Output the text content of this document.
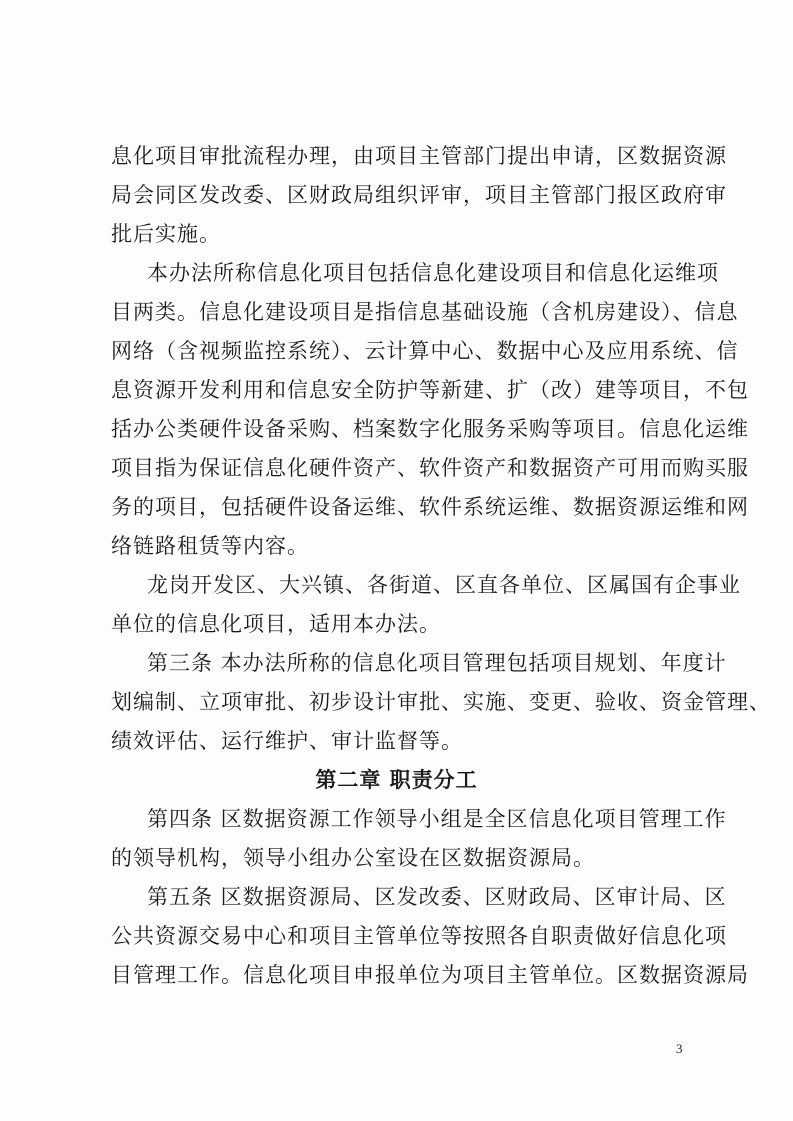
息化项目审批流程办理，由项目主管部门提出申请，区数据资源
局会同区发改委、区财政局组织评审，项目主管部门报区政府审
批后实施。
本办法所称信息化项目包括信息化建设项目和信息化运维项
目两类。信息化建设项目是指信息基础设施（含机房建设）、信息
网络（含视频监控系统）、云计算中心、数据中心及应用系统、信
息资源开发利用和信息安全防护等新建、扩（改）建等项目，不包
括办公类硬件设备采购、档案数字化服务采购等项目。信息化运维
项目指为保证信息化硬件资产、软件资产和数据资产可用而购买服
务的项目，包括硬件设备运维、软件系统运维、数据资源运维和网
络链路租赁等内容。
龙岗开发区、大兴镇、各街道、区直各单位、区属国有企事业
单位的信息化项目，适用本办法。
第三条 本办法所称的信息化项目管理包括项目规划、年度计
划编制、立项审批、初步设计审批、实施、变更、验收、资金管理、
绩效评估、运行维护、审计监督等。
第二章 职责分工
第四条 区数据资源工作领导小组是全区信息化项目管理工作
的领导机构，领导小组办公室设在区数据资源局。
第五条 区数据资源局、区发改委、区财政局、区审计局、区
公共资源交易中心和项目主管单位等按照各自职责做好信息化项
目管理工作。信息化项目申报单位为项目主管单位。区数据资源局
3
